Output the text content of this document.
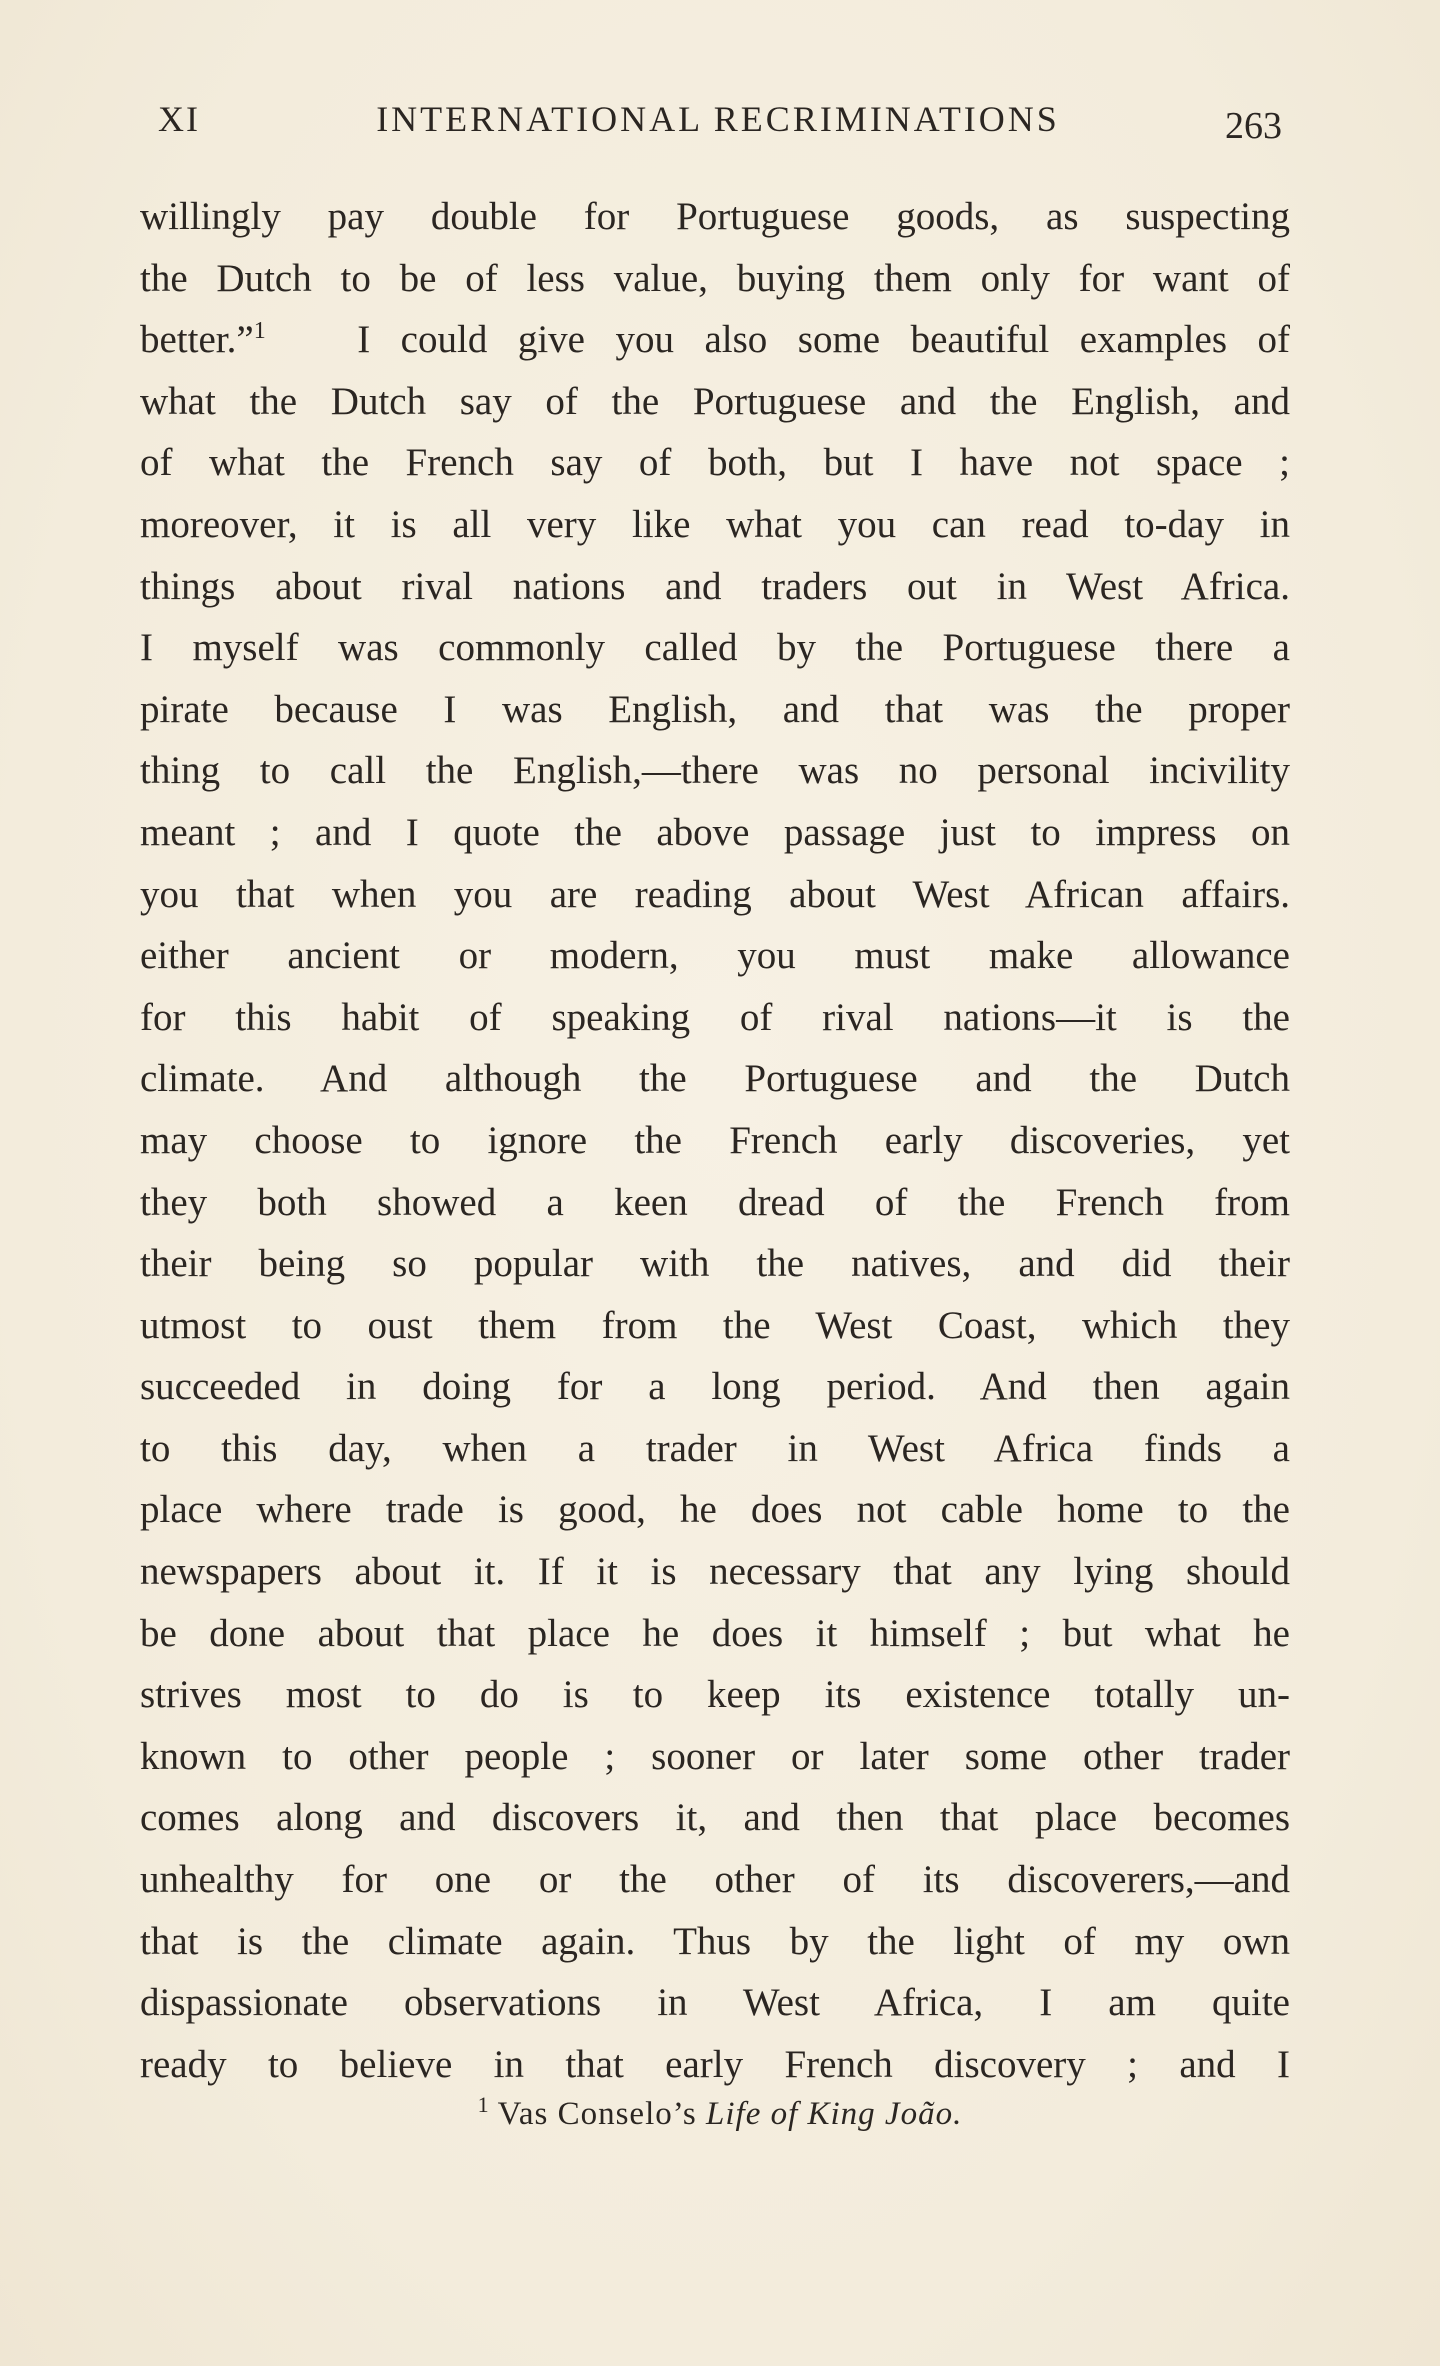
XI	INTERNATIONAL RECRIMINATIONS	263
willingly pay double for Portuguese goods, as suspecting
the Dutch to be of less value, buying them only for want of
better.”$^1$ I could give you also some beautiful examples of
what the Dutch say of the Portuguese and the English, and
of what the French say of both, but I have not space ;
moreover, it is all very like what you can read to-day in
things about rival nations and traders out in West Africa.
I myself was commonly called by the Portuguese there a
pirate because I was English, and that was the proper
thing to call the English,—there was no personal incivility
meant ; and I quote the above passage just to impress on
you that when you are reading about West African affairs.
either ancient or modern, you must make allowance
for this habit of speaking of rival nations—it is the
climate. And although the Portuguese and the Dutch
may choose to ignore the French early discoveries, yet
they both showed a keen dread of the French from
their being so popular with the natives, and did their
utmost to oust them from the West Coast, which they
succeeded in doing for a long period. And then again
to this day, when a trader in West Africa finds a
place where trade is good, he does not cable home to the
newspapers about it. If it is necessary that any lying should
be done about that place he does it himself ; but what he
strives most to do is to keep its existence totally un-
known to other people ; sooner or later some other trader
comes along and discovers it, and then that place becomes
unhealthy for one or the other of its discoverers,—and
that is the climate again. Thus by the light of my own
dispassionate observations in West Africa, I am quite
ready to believe in that early French discovery ; and I
$^1$ Vas Conselo’s Life of King João.
